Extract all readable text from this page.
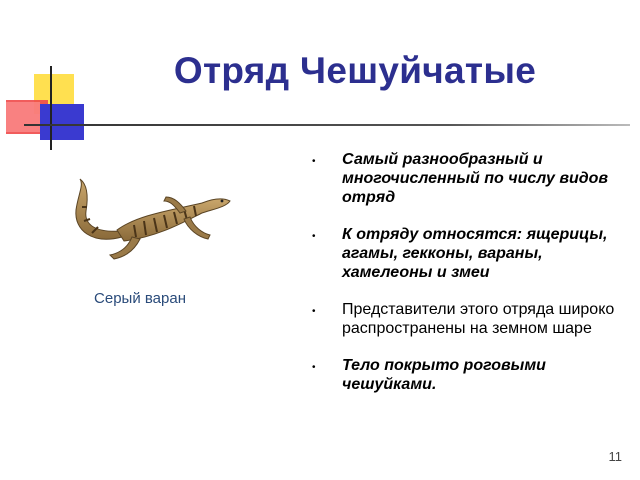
Отряд Чешуйчатые
Серый варан
• Самый разнообразный и многочисленный по числу видов отряд
• К отряду относятся: ящерицы, агамы, гекконы, вараны, хамелеоны и змеи
• Представители этого отряда широко распространены на земном шаре
• Тело покрыто роговыми чешуйками.
11
